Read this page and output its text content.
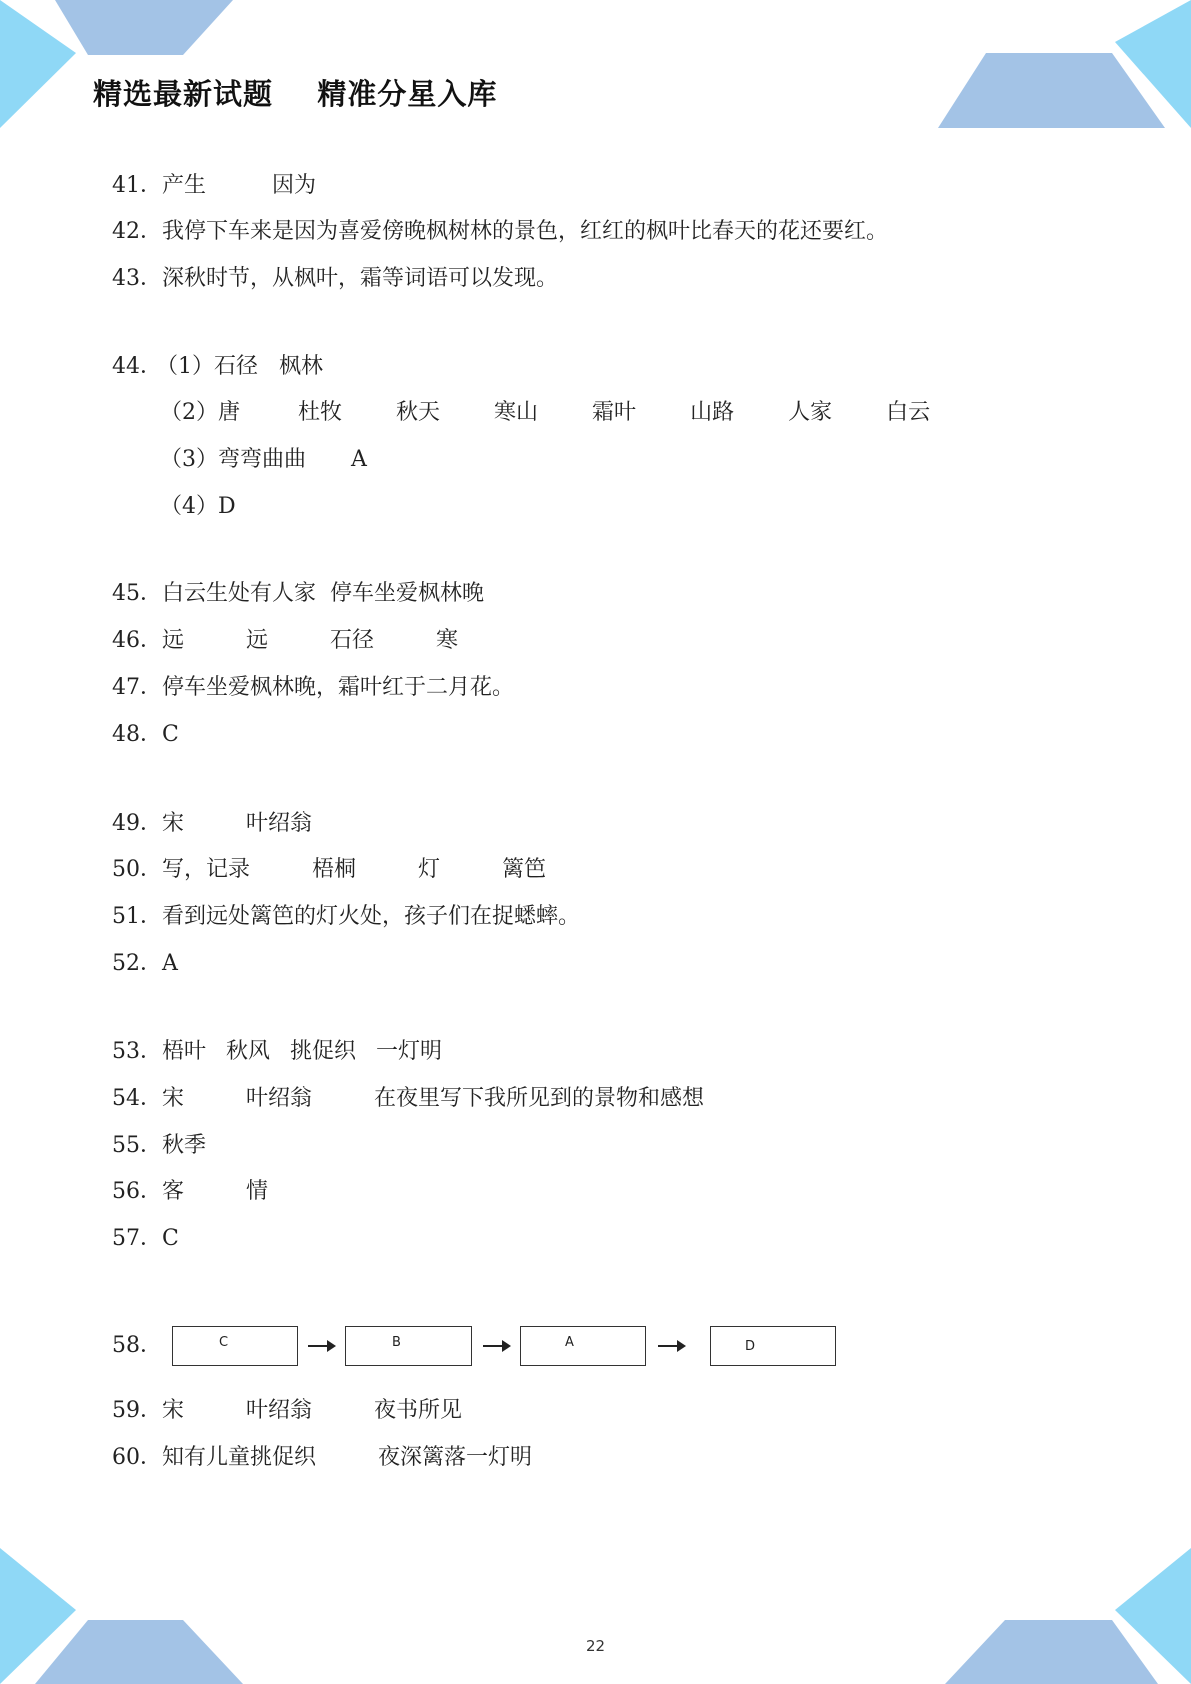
精选最新试题    精准分星入库
41．产生	因为
42．我停下车来是因为喜爱傍晚枫树林的景色，红红的枫叶比春天的花还要红。
43．深秋时节，从枫叶，霜等词语可以发现。
44．（1）石径   枫林
（2）唐	杜牧 秋天 寒山 霜叶 山路 人家 白云
（3）弯弯曲曲 A
（4）D
45．白云生处有人家 停车坐爱枫林晚
46．远	远	石径	寒
47．停车坐爱枫林晚，霜叶红于二月花。
48．C
49．宋	叶绍翁
50．写，记录	梧桐	灯	篱笆
51．看到远处篱笆的灯火处，孩子们在捉蟋蟀。
52．A
53．梧叶 秋风 挑促织 一灯明
54．宋	叶绍翁	在夜里写下我所见到的景物和感想
55．秋季
56．客	情
57．C
58．	C	B	A	D
59．宋	叶绍翁	夜书所见
60．知有儿童挑促织	夜深篱落一灯明
22
